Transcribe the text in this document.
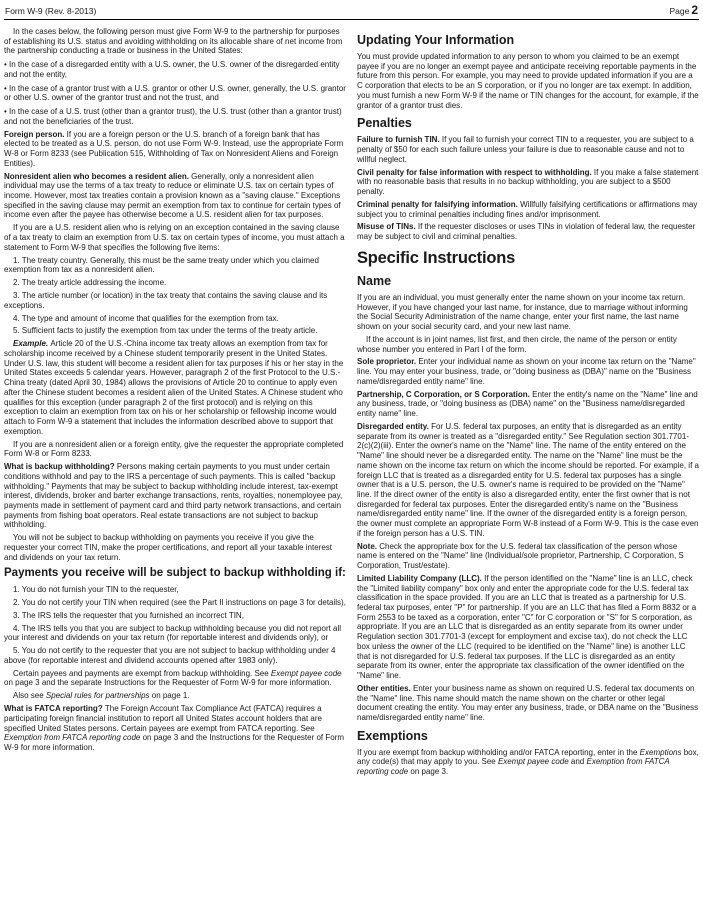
Form W-9 (Rev. 8-2013)	Page 2
In the cases below, the following person must give Form W-9 to the partnership for purposes of establishing its U.S. status and avoiding withholding on its allocable share of net income from the partnership conducting a trade or business in the United States:
• In the case of a disregarded entity with a U.S. owner, the U.S. owner of the disregarded entity and not the entity,
• In the case of a grantor trust with a U.S. grantor or other U.S. owner, generally, the U.S. grantor or other U.S. owner of the grantor trust and not the trust, and
• In the case of a U.S. trust (other than a grantor trust), the U.S. trust (other than a grantor trust) and not the beneficiaries of the trust.
Foreign person. If you are a foreign person or the U.S. branch of a foreign bank that has elected to be treated as a U.S. person, do not use Form W-9. Instead, use the appropriate Form W-8 or Form 8233 (see Publication 515, Withholding of Tax on Nonresident Aliens and Foreign Entities).
Nonresident alien who becomes a resident alien. Generally, only a nonresident alien individual may use the terms of a tax treaty to reduce or eliminate U.S. tax on certain types of income. However, most tax treaties contain a provision known as a "saving clause." Exceptions specified in the saving clause may permit an exemption from tax to continue for certain types of income even after the payee has otherwise become a U.S. resident alien for tax purposes.
If you are a U.S. resident alien who is relying on an exception contained in the saving clause of a tax treaty to claim an exemption from U.S. tax on certain types of income, you must attach a statement to Form W-9 that specifies the following five items:
1. The treaty country. Generally, this must be the same treaty under which you claimed exemption from tax as a nonresident alien.
2. The treaty article addressing the income.
3. The article number (or location) in the tax treaty that contains the saving clause and its exceptions.
4. The type and amount of income that qualifies for the exemption from tax.
5. Sufficient facts to justify the exemption from tax under the terms of the treaty article.
Example. Article 20 of the U.S.-China income tax treaty allows an exemption from tax for scholarship income received by a Chinese student temporarily present in the United States. Under U.S. law, this student will become a resident alien for tax purposes if his or her stay in the United States exceeds 5 calendar years. However, paragraph 2 of the first Protocol to the U.S.-China treaty (dated April 30, 1984) allows the provisions of Article 20 to continue to apply even after the Chinese student becomes a resident alien of the United States. A Chinese student who qualifies for this exception (under paragraph 2 of the first protocol) and is relying on this exception to claim an exemption from tax on his or her scholarship or fellowship income would attach to Form W-9 a statement that includes the information described above to support that exemption.
If you are a nonresident alien or a foreign entity, give the requester the appropriate completed Form W-8 or Form 8233.
What is backup withholding? Persons making certain payments to you must under certain conditions withhold and pay to the IRS a percentage of such payments. This is called "backup withholding." Payments that may be subject to backup withholding include interest, tax-exempt interest, dividends, broker and barter exchange transactions, rents, royalties, nonemployee pay, payments made in settlement of payment card and third party network transactions, and certain payments from fishing boat operators. Real estate transactions are not subject to backup withholding.
You will not be subject to backup withholding on payments you receive if you give the requester your correct TIN, make the proper certifications, and report all your taxable interest and dividends on your tax return.
Payments you receive will be subject to backup withholding if:
1. You do not furnish your TIN to the requester,
2. You do not certify your TIN when required (see the Part II instructions on page 3 for details),
3. The IRS tells the requester that you furnished an incorrect TIN,
4. The IRS tells you that you are subject to backup withholding because you did not report all your interest and dividends on your tax return (for reportable interest and dividends only), or
5. You do not certify to the requester that you are not subject to backup withholding under 4 above (for reportable interest and dividend accounts opened after 1983 only).
Certain payees and payments are exempt from backup withholding. See Exempt payee code on page 3 and the separate Instructions for the Requester of Form W-9 for more information.
Also see Special rules for partnerships on page 1.
What is FATCA reporting? The Foreign Account Tax Compliance Act (FATCA) requires a participating foreign financial institution to report all United States account holders that are specified United States persons. Certain payees are exempt from FATCA reporting. See Exemption from FATCA reporting code on page 3 and the Instructions for the Requester of Form W-9 for more information.
Updating Your Information
You must provide updated information to any person to whom you claimed to be an exempt payee if you are no longer an exempt payee and anticipate receiving reportable payments in the future from this person. For example, you may need to provide updated information if you are a C corporation that elects to be an S corporation, or if you no longer are tax exempt. In addition, you must furnish a new Form W-9 if the name or TIN changes for the account, for example, if the grantor of a grantor trust dies.
Penalties
Failure to furnish TIN. If you fail to furnish your correct TIN to a requester, you are subject to a penalty of $50 for each such failure unless your failure is due to reasonable cause and not to willful neglect.
Civil penalty for false information with respect to withholding. If you make a false statement with no reasonable basis that results in no backup withholding, you are subject to a $500 penalty.
Criminal penalty for falsifying information. Willfully falsifying certifications or affirmations may subject you to criminal penalties including fines and/or imprisonment.
Misuse of TINs. If the requester discloses or uses TINs in violation of federal law, the requester may be subject to civil and criminal penalties.
Specific Instructions
Name
If you are an individual, you must generally enter the name shown on your income tax return. However, if you have changed your last name, for instance, due to marriage without informing the Social Security Administration of the name change, enter your first name, the last name shown on your social security card, and your new last name.
If the account is in joint names, list first, and then circle, the name of the person or entity whose number you entered in Part I of the form.
Sole proprietor. Enter your individual name as shown on your income tax return on the "Name" line. You may enter your business, trade, or "doing business as (DBA)" name on the "Business name/disregarded entity name" line.
Partnership, C Corporation, or S Corporation. Enter the entity's name on the "Name" line and any business, trade, or "doing business as (DBA) name" on the "Business name/disregarded entity name" line.
Disregarded entity. For U.S. federal tax purposes, an entity that is disregarded as an entity separate from its owner is treated as a "disregarded entity." See Regulation section 301.7701-2(c)(2)(iii). Enter the owner's name on the "Name" line. The name of the entity entered on the "Name" line should never be a disregarded entity. The name on the "Name" line must be the name shown on the income tax return on which the income should be reported. For example, if a foreign LLC that is treated as a disregarded entity for U.S. federal tax purposes has a single owner that is a U.S. person, the U.S. owner's name is required to be provided on the "Name" line. If the direct owner of the entity is also a disregarded entity, enter the first owner that is not disregarded for federal tax purposes. Enter the disregarded entity's name on the "Business name/disregarded entity name" line. If the owner of the disregarded entity is a foreign person, the owner must complete an appropriate Form W-8 instead of a Form W-9. This is the case even if the foreign person has a U.S. TIN.
Note. Check the appropriate box for the U.S. federal tax classification of the person whose name is entered on the "Name" line (Individual/sole proprietor, Partnership, C Corporation, S Corporation, Trust/estate).
Limited Liability Company (LLC). If the person identified on the "Name" line is an LLC, check the "Limited liability company" box only and enter the appropriate code for the U.S. federal tax classification in the space provided. If you are an LLC that is treated as a partnership for U.S. federal tax purposes, enter "P" for partnership. If you are an LLC that has filed a Form 8832 or a Form 2553 to be taxed as a corporation, enter "C" for C corporation or "S" for S corporation, as appropriate. If you are an LLC that is disregarded as an entity separate from its owner under Regulation section 301.7701-3 (except for employment and excise tax), do not check the LLC box unless the owner of the LLC (required to be identified on the "Name" line) is another LLC that is not disregarded for U.S. federal tax purposes. If the LLC is disregarded as an entity separate from its owner, enter the appropriate tax classification of the owner identified on the "Name" line.
Other entities. Enter your business name as shown on required U.S. federal tax documents on the "Name" line. This name should match the name shown on the charter or other legal document creating the entity. You may enter any business, trade, or DBA name on the "Business name/disregarded entity name" line.
Exemptions
If you are exempt from backup withholding and/or FATCA reporting, enter in the Exemptions box, any code(s) that may apply to you. See Exempt payee code and Exemption from FATCA reporting code on page 3.
